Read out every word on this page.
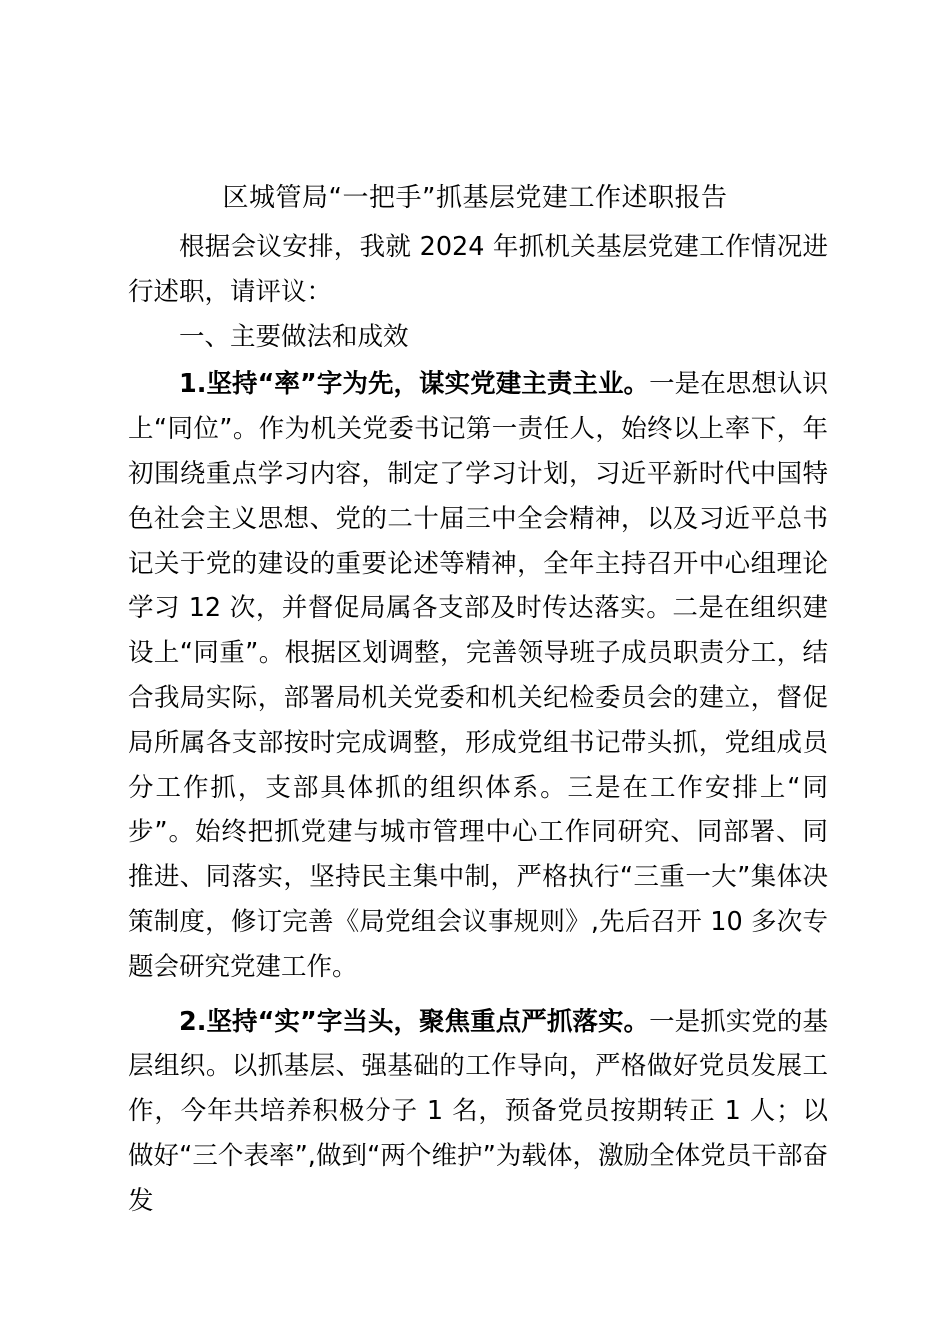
区城管局“一把手”抓基层党建工作述职报告

根据会议安排，我就 2024 年抓机关基层党建工作情况进行述职，请评议：

一、主要做法和成效

1.坚持“率”字为先，谋实党建主责主业。一是在思想认识上“同位”。作为机关党委书记第一责任人，始终以上率下，年初围绕重点学习内容，制定了学习计划，习近平新时代中国特色社会主义思想、党的二十届三中全会精神，以及习近平总书记关于党的建设的重要论述等精神，全年主持召开中心组理论学习 12 次，并督促局属各支部及时传达落实。二是在组织建设上“同重”。根据区划调整，完善领导班子成员职责分工，结合我局实际，部署局机关党委和机关纪检委员会的建立，督促局所属各支部按时完成调整，形成党组书记带头抓，党组成员分工作抓，支部具体抓的组织体系。三是在工作安排上“同步”。始终把抓党建与城市管理中心工作同研究、同部署、同推进、同落实，坚持民主集中制，严格执行“三重一大”集体决策制度，修订完善《局党组会议事规则》,先后召开 10 多次专题会研究党建工作。

2.坚持“实”字当头，聚焦重点严抓落实。一是抓实党的基层组织。以抓基层、强基础的工作导向，严格做好党员发展工作，今年共培养积极分子 1 名，预备党员按期转正 1 人；以做好“三个表率”,做到“两个维护”为载体，激励全体党员干部奋发
